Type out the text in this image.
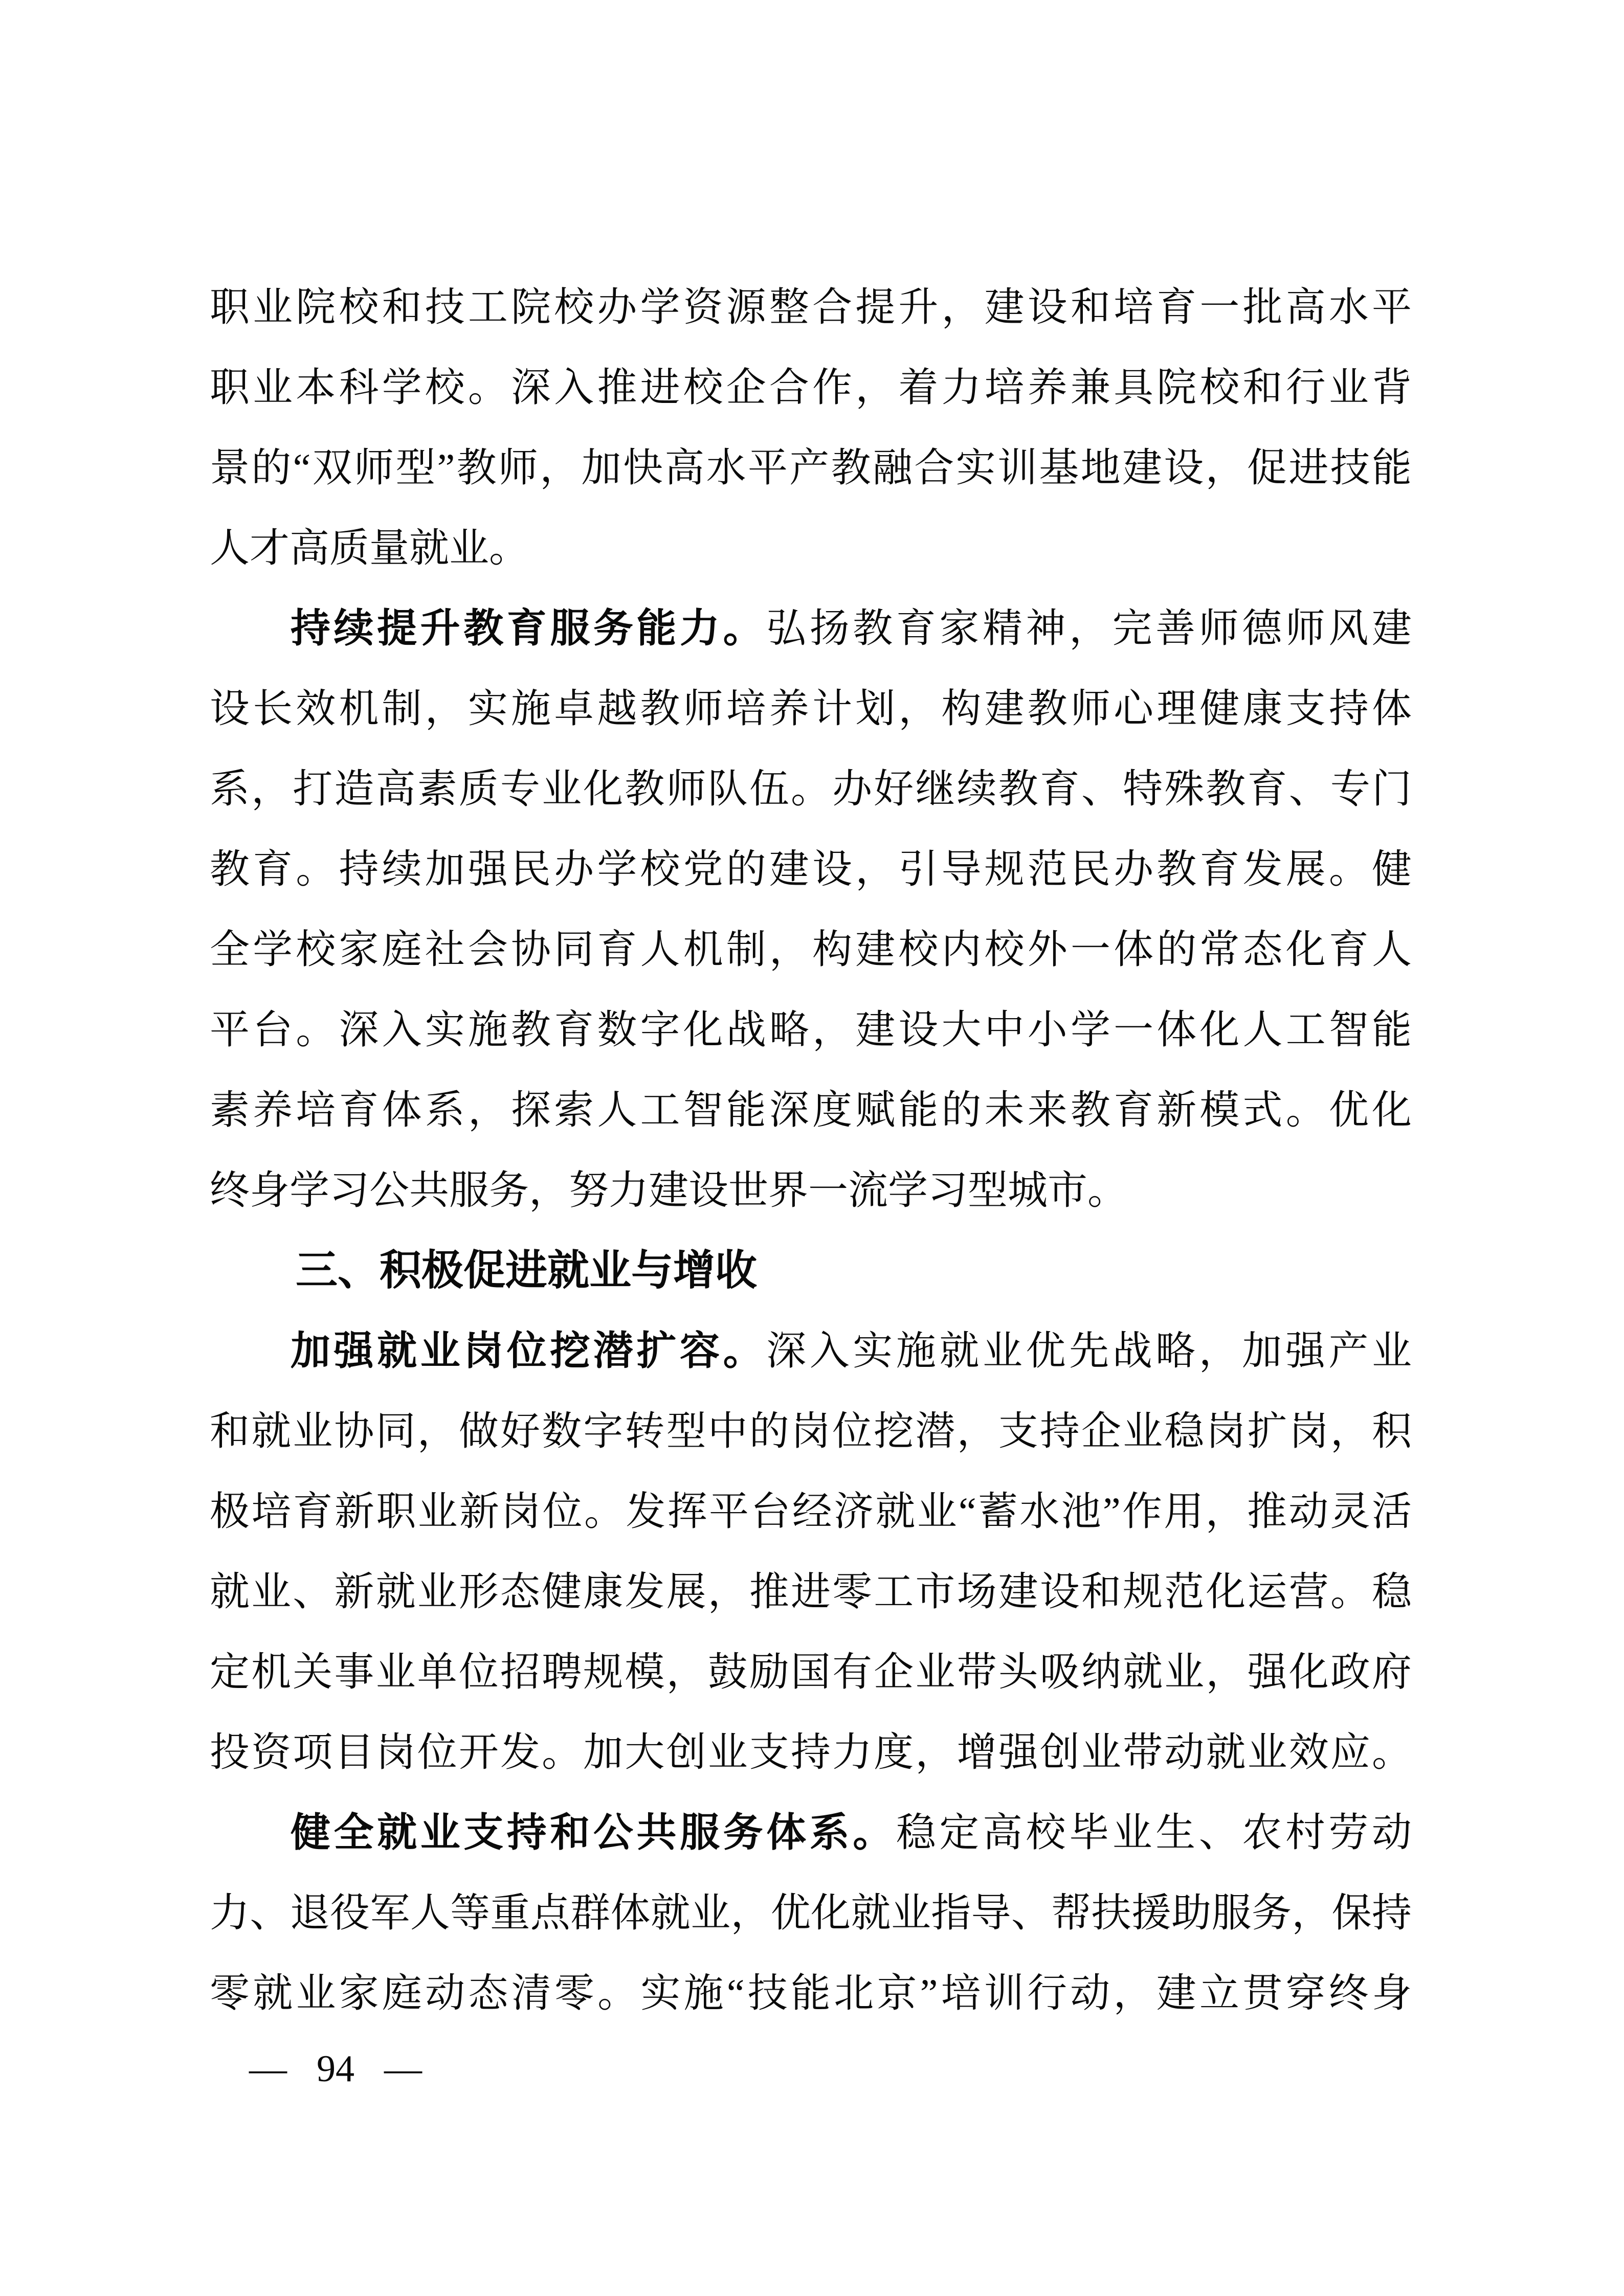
职业院校和技工院校办学资源整合提升，建设和培育一批高水平
职业本科学校。深入推进校企合作，着力培养兼具院校和行业背
景的“双师型”教师，加快高水平产教融合实训基地建设，促进技能
人才高质量就业。
持续提升教育服务能力。弘扬教育家精神，完善师德师风建
设长效机制，实施卓越教师培养计划，构建教师心理健康支持体
系，打造高素质专业化教师队伍。办好继续教育、特殊教育、专门
教育。持续加强民办学校党的建设，引导规范民办教育发展。健
全学校家庭社会协同育人机制，构建校内校外一体的常态化育人
平台。深入实施教育数字化战略，建设大中小学一体化人工智能
素养培育体系，探索人工智能深度赋能的未来教育新模式。优化
终身学习公共服务，努力建设世界一流学习型城市。
三、积极促进就业与增收
加强就业岗位挖潜扩容。深入实施就业优先战略，加强产业
和就业协同，做好数字转型中的岗位挖潜，支持企业稳岗扩岗，积
极培育新职业新岗位。发挥平台经济就业“蓄水池”作用，推动灵活
就业、新就业形态健康发展，推进零工市场建设和规范化运营。稳
定机关事业单位招聘规模，鼓励国有企业带头吸纳就业，强化政府
投资项目岗位开发。加大创业支持力度，增强创业带动就业效应。
健全就业支持和公共服务体系。稳定高校毕业生、农村劳动
力、退役军人等重点群体就业，优化就业指导、帮扶援助服务，保持
零就业家庭动态清零。实施“技能北京”培训行动，建立贯穿终身
— 94 —
